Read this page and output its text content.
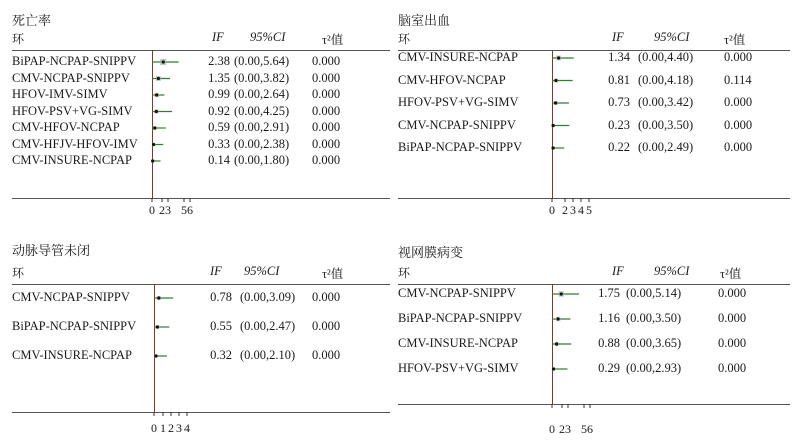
死亡率
环	IF 95%CI	τ²值
BiPAP-NCPAP-SNIPPV	2.38 (0.00,5.64) 0.000
CMV-NCPAP-SNIPPV	1.35 (0.00,3.82) 0.000
HFOV-IMV-SIMV	0.99 (0.00,2.64) 0.000
HFOV-PSV+VG-SIMV	0.92 (0.00,4.25) 0.000
CMV-HFOV-NCPAP	0.59 (0.00,2.91) 0.000
CMV-HFJV-HFOV-IMV	0.33 (0.00,2.38) 0.000
CMV-INSURE-NCPAP	0.14 (0.00,1.80) 0.000
0 2 3 5 6
脑室出血
环	IF 95%CI	τ²值
CMV-INSURE-NCPAP	1.34 (0.00,4.40) 0.000
CMV-HFOV-NCPAP	0.81 (0.00,4.18) 0.114
HFOV-PSV+VG-SIMV	0.73 (0.00,3.42) 0.000
CMV-NCPAP-SNIPPV	0.23 (0.00,3.50) 0.000
BiPAP-NCPAP-SNIPPV	0.22 (0.00,2.49) 0.000
0 2 3 4 5
动脉导管未闭
环	IF 95%CI	τ²值
CMV-NCPAP-SNIPPV	0.78 (0.00,3.09) 0.000
BiPAP-NCPAP-SNIPPV	0.55 (0.00,2.47) 0.000
CMV-INSURE-NCPAP	0.32 (0.00,2.10) 0.000
0 1 2 3 4
视网膜病变
环	IF 95%CI τ²值
CMV-NCPAP-SNIPPV	1.75 (0.00,5.14)	0.000
BiPAP-NCPAP-SNIPPV	1.16 (0.00,3.50)	0.000
CMV-INSURE-NCPAP	0.88 (0.00,3.65)	0.000
HFOV-PSV+VG-SIMV	0.29 (0.00,2.93)	0.000
0 2 3 5 6
